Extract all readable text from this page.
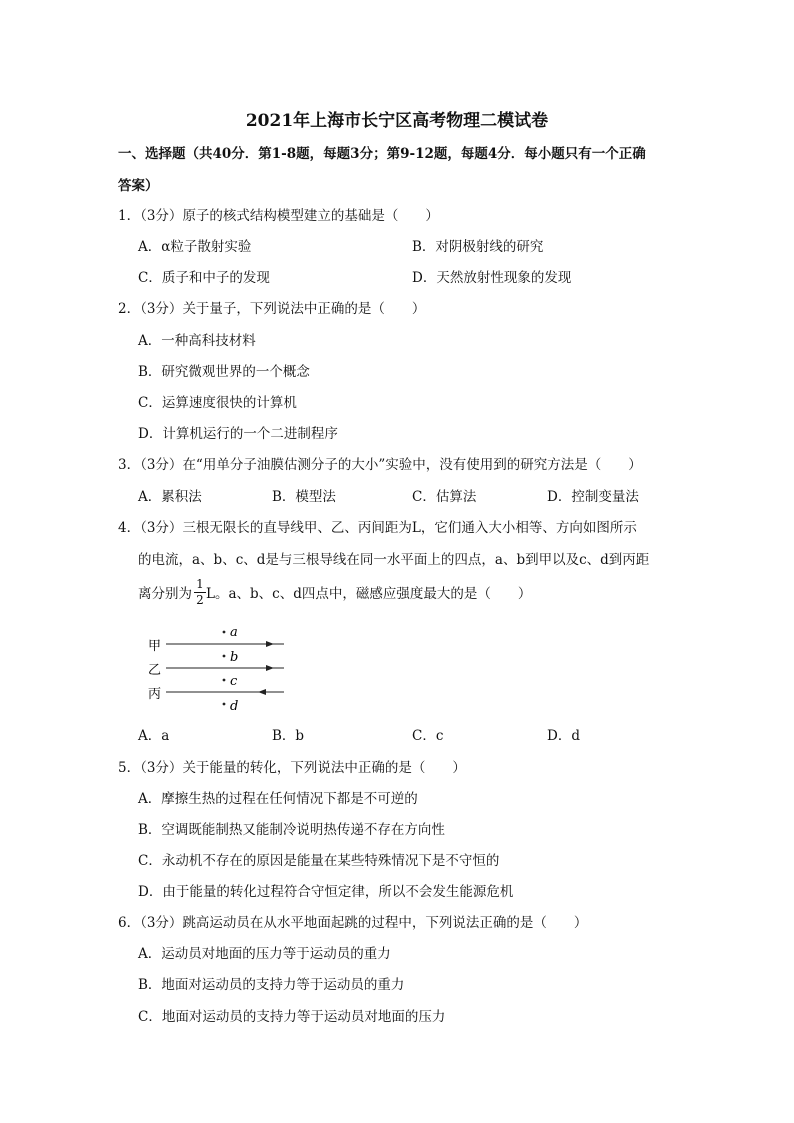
2021年上海市长宁区高考物理二模试卷
一、选择题（共40分．第1-8题，每题3分；第9-12题，每题4分．每小题只有一个正确
答案）
1．（3分）原子的核式结构模型建立的基础是（　　）
A．α粒子散射实验	B．对阴极射线的研究
C．质子和中子的发现	D．天然放射性现象的发现
2．（3分）关于量子，下列说法中正确的是（　　）
A．一种高科技材料
B．研究微观世界的一个概念
C．运算速度很快的计算机
D．计算机运行的一个二进制程序
3．（3分）在“用单分子油膜估测分子的大小”实验中，没有使用到的研究方法是（　　）
A．累积法	B．模型法	C．估算法	D．控制变量法
4．（3分）三根无限长的直导线甲、乙、丙间距为L，它们通入大小相等、方向如图所示
的电流，a、b、c、d是与三根导线在同一水平面上的四点，a、b到甲以及c、d到丙距
离分别为
1
2 L。a、b、c、d四点中，磁感应强度最大的是（　　）
甲
乙
丙
a
b
c
d
A．a	B．b	C．c	D．d
5．（3分）关于能量的转化，下列说法中正确的是（　　）
A．摩擦生热的过程在任何情况下都是不可逆的
B．空调既能制热又能制冷说明热传递不存在方向性
C．永动机不存在的原因是能量在某些特殊情况下是不守恒的
D．由于能量的转化过程符合守恒定律，所以不会发生能源危机
6．（3分）跳高运动员在从水平地面起跳的过程中，下列说法正确的是（　　）
A．运动员对地面的压力等于运动员的重力
B．地面对运动员的支持力等于运动员的重力
C．地面对运动员的支持力等于运动员对地面的压力
